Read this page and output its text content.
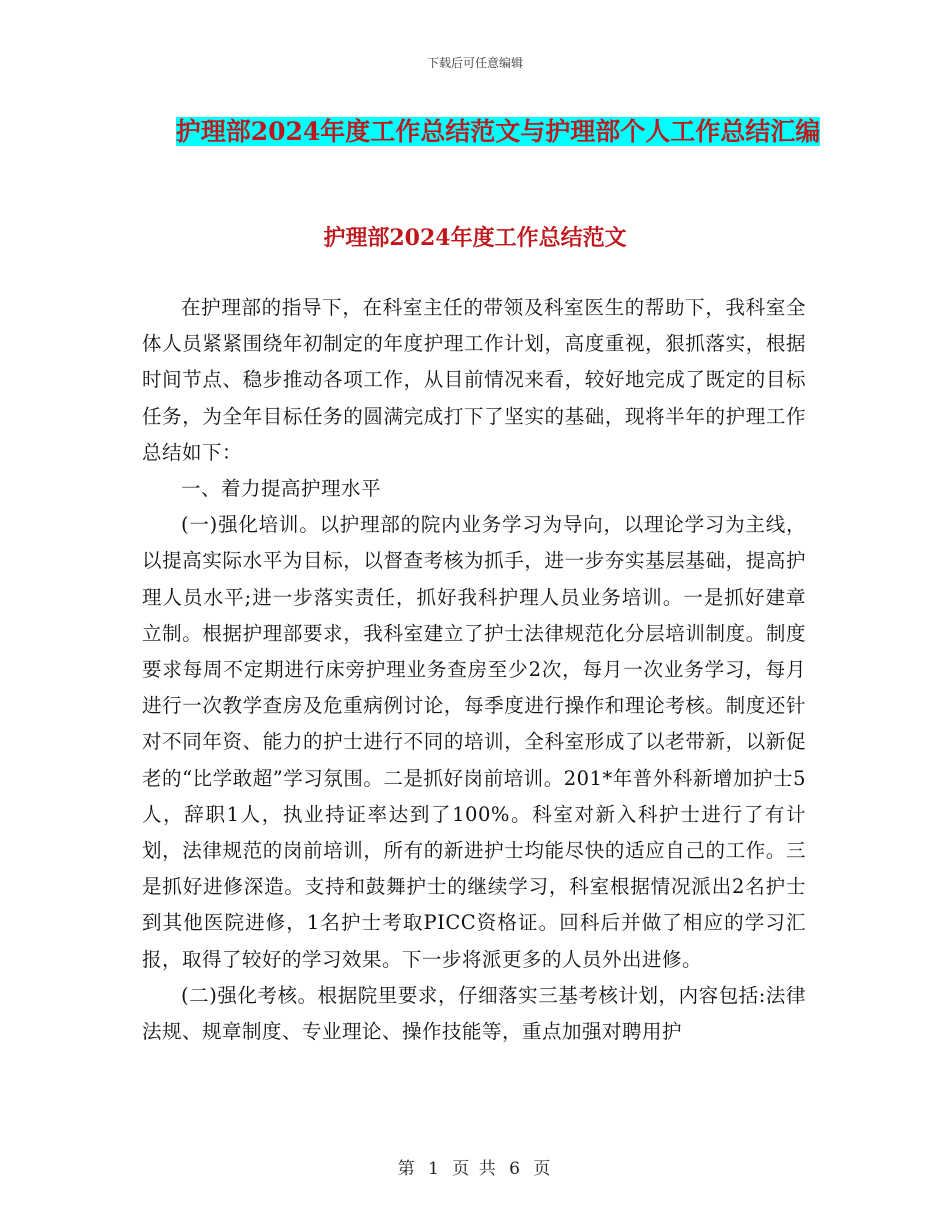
下载后可任意编辑
护理部2024年度工作总结范文与护理部个人工作总结汇编
护理部2024年度工作总结范文

在护理部的指导下，在科室主任的带领及科室医生的帮助下，我科室全体人员紧紧围绕年初制定的年度护理工作计划，高度重视，狠抓落实，根据时间节点、稳步推动各项工作，从目前情况来看，较好地完成了既定的目标任务，为全年目标任务的圆满完成打下了坚实的基础，现将半年的护理工作总结如下：

一、着力提高护理水平

(一)强化培训。以护理部的院内业务学习为导向，以理论学习为主线，以提高实际水平为目标，以督查考核为抓手，进一步夯实基层基础，提高护理人员水平;进一步落实责任，抓好我科护理人员业务培训。一是抓好建章立制。根据护理部要求，我科室建立了护士法律规范化分层培训制度。制度要求每周不定期进行床旁护理业务查房至少2次，每月一次业务学习，每月进行一次教学查房及危重病例讨论，每季度进行操作和理论考核。制度还针对不同年资、能力的护士进行不同的培训，全科室形成了以老带新，以新促老的“比学敢超”学习氛围。二是抓好岗前培训。201*年普外科新增加护士5人，辞职1人，执业持证率达到了100%。科室对新入科护士进行了有计划，法律规范的岗前培训，所有的新进护士均能尽快的适应自己的工作。三是抓好进修深造。支持和鼓舞护士的继续学习，科室根据情况派出2名护士到其他医院进修，1名护士考取PICC资格证。回科后并做了相应的学习汇报，取得了较好的学习效果。下一步将派更多的人员外出进修。

(二)强化考核。根据院里要求，仔细落实三基考核计划，内容包括:法律法规、规章制度、专业理论、操作技能等，重点加强对聘用护

第 1 页 共 6 页
